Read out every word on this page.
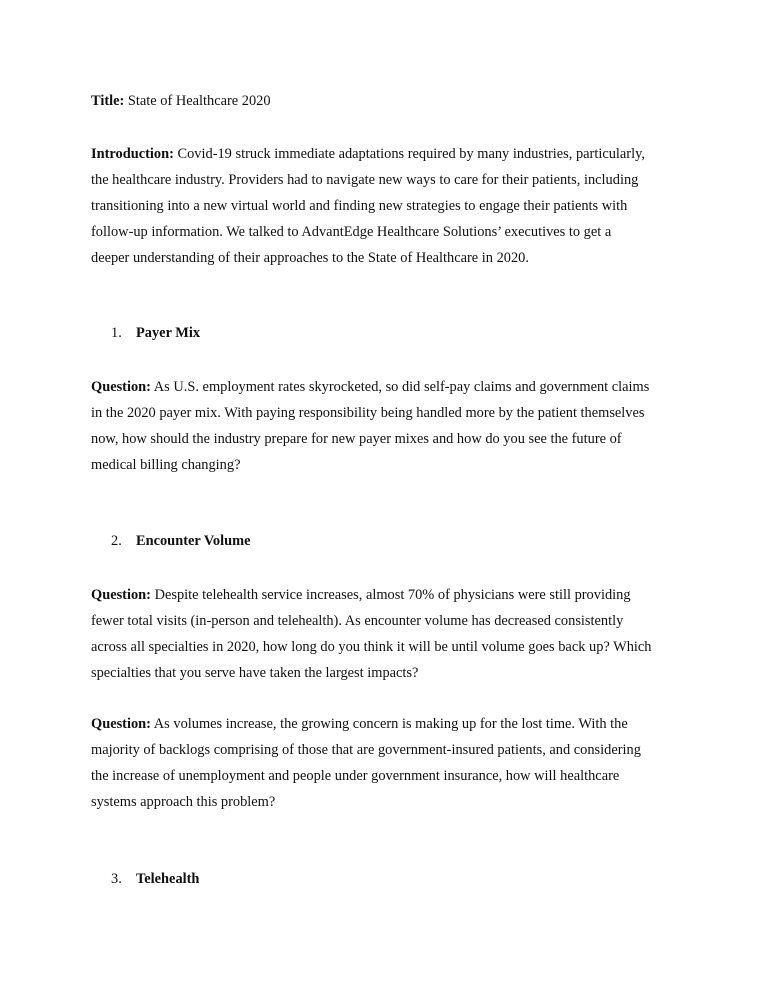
Title: State of Healthcare 2020

Introduction: Covid-19 struck immediate adaptations required by many industries, particularly,

the healthcare industry. Providers had to navigate new ways to care for their patients, including

transitioning into a new virtual world and finding new strategies to engage their patients with

follow-up information. We talked to AdvantEdge Healthcare Solutions’ executives to get a

deeper understanding of their approaches to the State of Healthcare in 2020.

1. Payer Mix

Question: As U.S. employment rates skyrocketed, so did self-pay claims and government claims

in the 2020 payer mix. With paying responsibility being handled more by the patient themselves

now, how should the industry prepare for new payer mixes and how do you see the future of

medical billing changing?

2. Encounter Volume

Question: Despite telehealth service increases, almost 70% of physicians were still providing

fewer total visits (in-person and telehealth). As encounter volume has decreased consistently

across all specialties in 2020, how long do you think it will be until volume goes back up? Which

specialties that you serve have taken the largest impacts?

Question: As volumes increase, the growing concern is making up for the lost time. With the

majority of backlogs comprising of those that are government-insured patients, and considering

the increase of unemployment and people under government insurance, how will healthcare

systems approach this problem?

3. Telehealth
